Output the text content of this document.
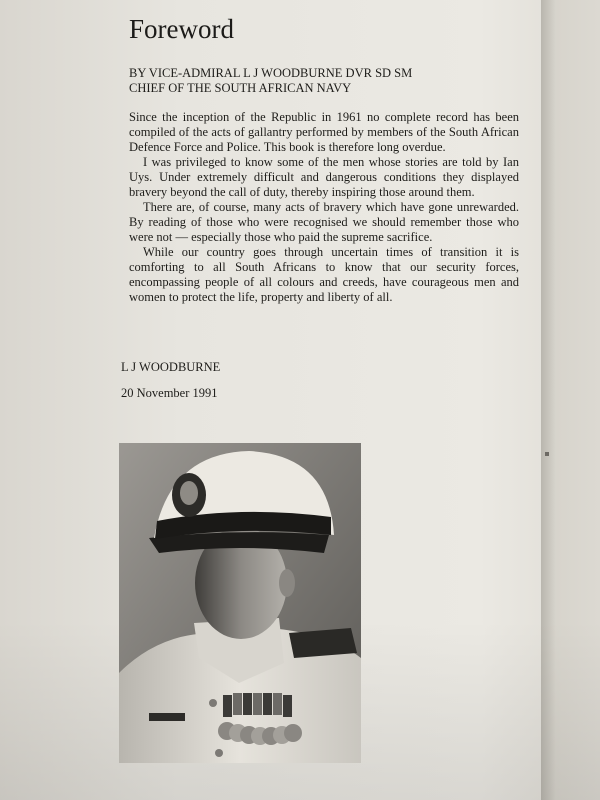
Foreword
BY VICE-ADMIRAL L J WOODBURNE DVR SD SM
CHIEF OF THE SOUTH AFRICAN NAVY

Since the inception of the Republic in 1961 no complete record has been compiled of the acts of gallantry performed by members of the South African Defence Force and Police. This book is therefore long overdue.

I was privileged to know some of the men whose stories are told by Ian Uys. Under extremely difficult and dangerous conditions they displayed bravery beyond the call of duty, thereby inspiring those around them.

There are, of course, many acts of bravery which have gone unrewarded. By reading of those who were recognised we should remember those who were not — especially those who paid the supreme sacrifice.

While our country goes through uncertain times of transition it is comforting to all South Africans to know that our security forces, encompassing people of all colours and creeds, have courageous men and women to protect the life, property and liberty of all.

L J WOODBURNE
20 November 1991
